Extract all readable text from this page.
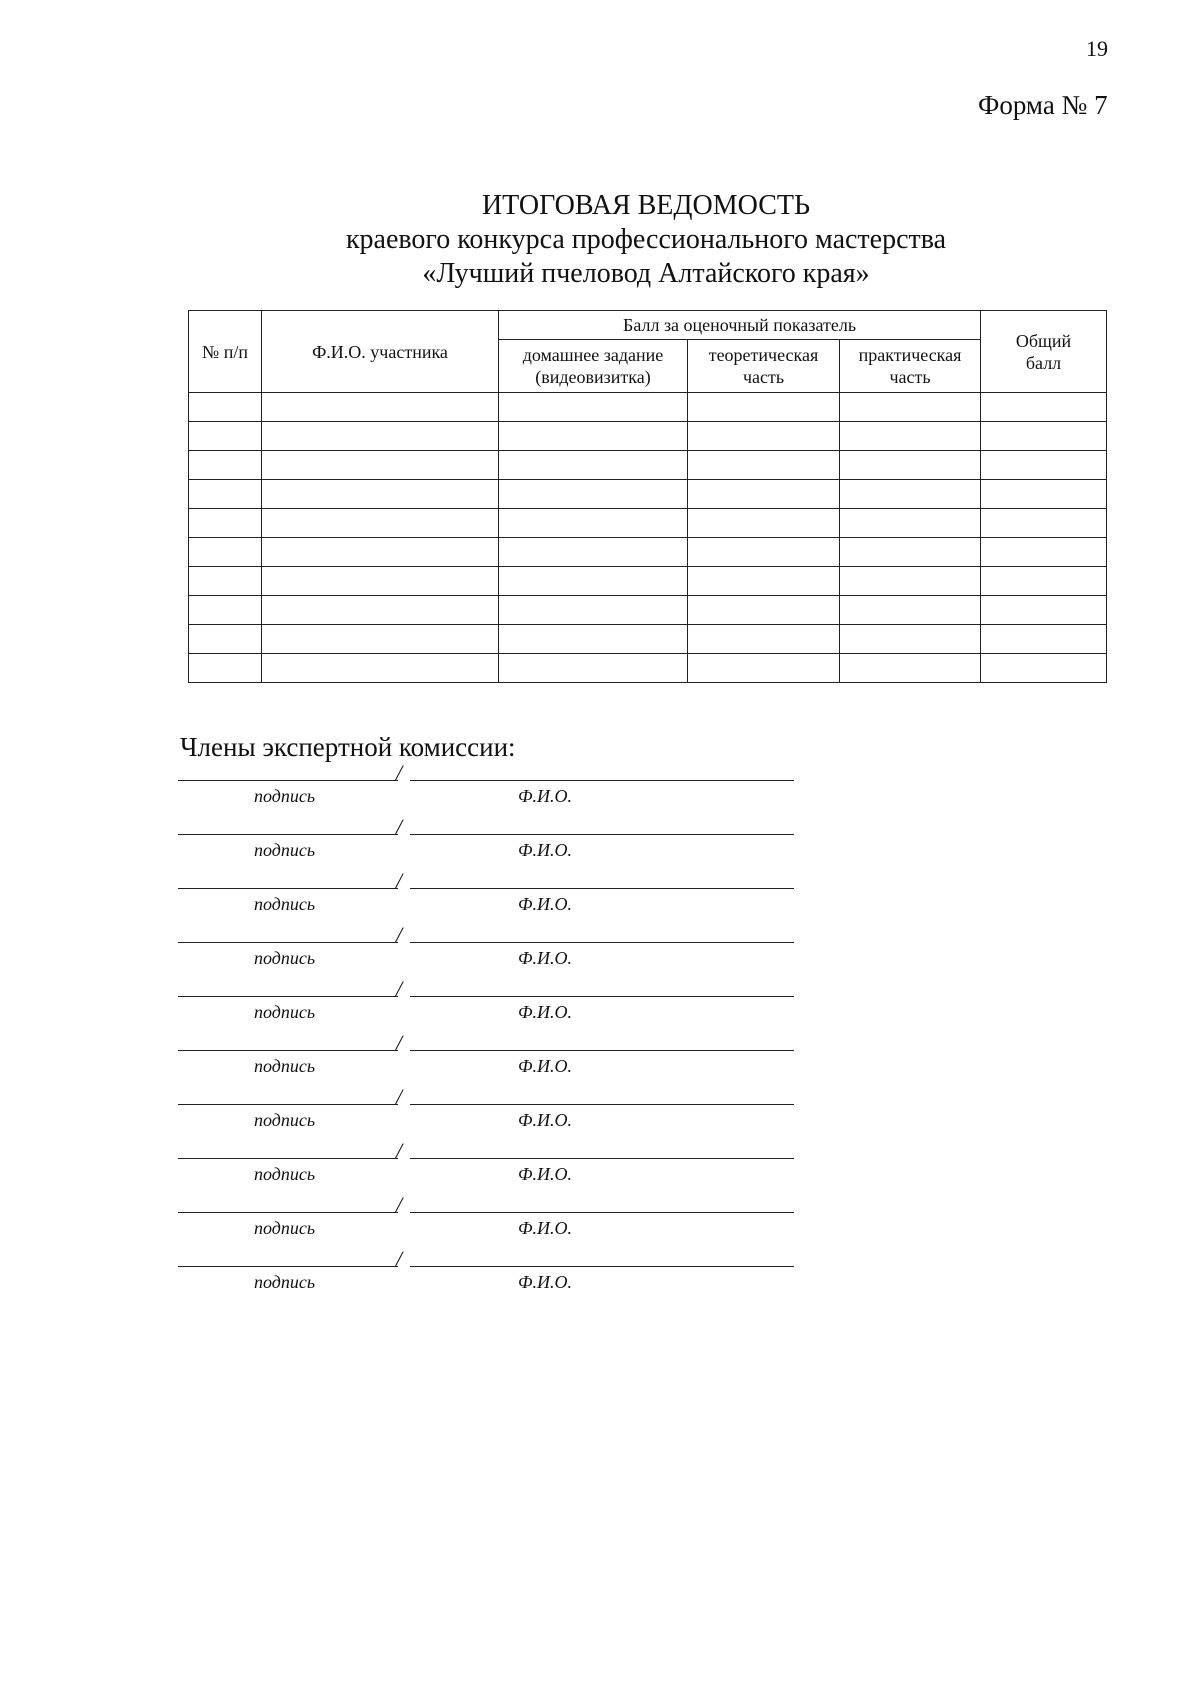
19
Форма № 7
ИТОГОВАЯ ВЕДОМОСТЬ
краевого конкурса профессионального мастерства
«Лучший пчеловод Алтайского края»
№ п/п	Ф.И.О. участника	Балл за оценочный показатель			Общий балл
		домашнее задание (видеовизитка)	теоретическая часть	практическая часть	

Члены экспертной комиссии:
/
подпись	Ф.И.О.
/
подпись	Ф.И.О.
/
подпись	Ф.И.О.
/
подпись	Ф.И.О.
/
подпись	Ф.И.О.
/
подпись	Ф.И.О.
/
подпись	Ф.И.О.
/
подпись	Ф.И.О.
/
подпись	Ф.И.О.
/
подпись	Ф.И.О.
